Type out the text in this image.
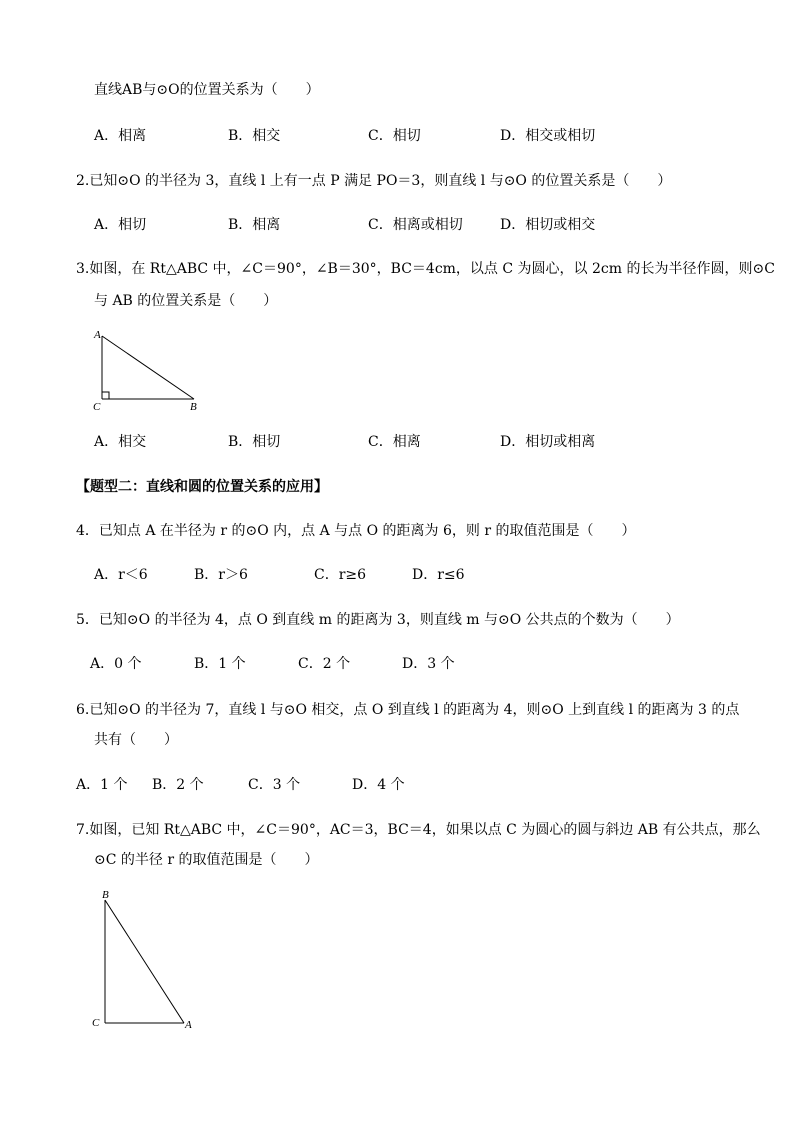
直线AB与⊙O的位置关系为（　　）
A．相离	B．相交	C．相切	D．相交或相切
2.已知⊙O 的半径为 3，直线 l 上有一点 P 满足 PO＝3，则直线 l 与⊙O 的位置关系是（　　）
A．相切	B．相离	C．相离或相切	D．相切或相交
3.如图，在 Rt△ABC 中，∠C＝90°，∠B＝30°，BC＝4cm，以点 C 为圆心，以 2cm 的长为半径作圆，则⊙C
与 AB 的位置关系是（　　）
A
C	B
A．相交	B．相切	C．相离	D．相切或相离
【题型二：直线和圆的位置关系的应用】
4．已知点 A 在半径为 r 的⊙O 内，点 A 与点 O 的距离为 6，则 r 的取值范围是（　　）
A．r＜6	B．r＞6	C．r≥6	D．r≤6
5．已知⊙O 的半径为 4，点 O 到直线 m 的距离为 3，则直线 m 与⊙O 公共点的个数为（　　）
A．0 个	B．1 个	C．2 个	D．3 个
6.已知⊙O 的半径为 7，直线 l 与⊙O 相交，点 O 到直线 l 的距离为 4，则⊙O 上到直线 l 的距离为 3 的点
共有（　　）
A．1 个 B．2 个	C．3 个	D．4 个
7.如图，已知 Rt△ABC 中，∠C＝90°，AC＝3，BC＝4，如果以点 C 为圆心的圆与斜边 AB 有公共点，那么
⊙C 的半径 r 的取值范围是（　　）
B
C	A
